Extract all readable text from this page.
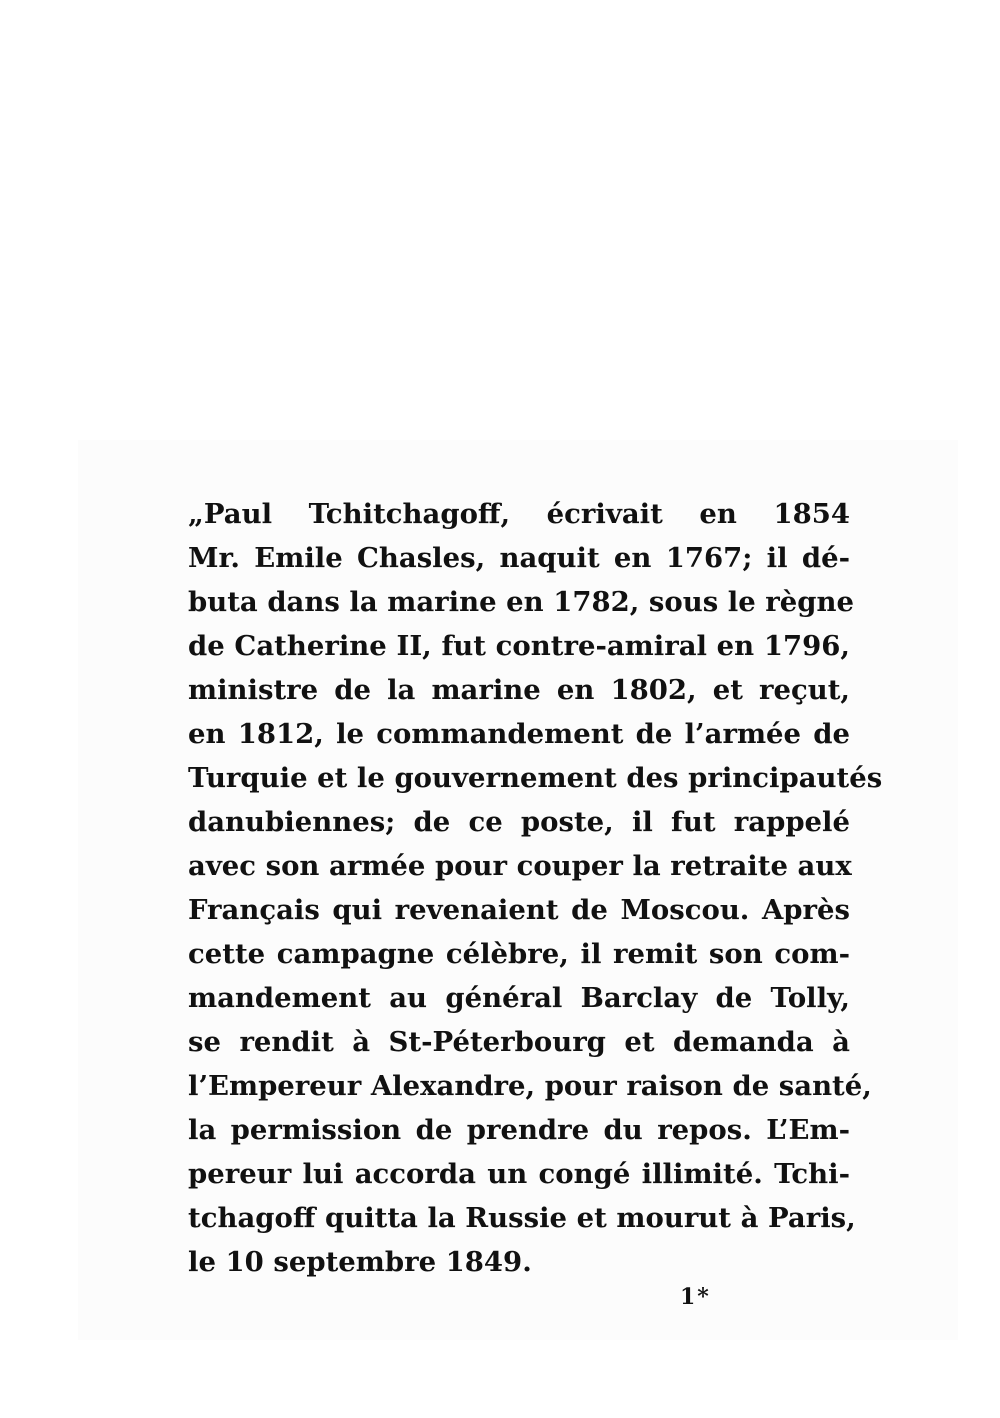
„Paul Tchitchagoff, écrivait en 1854
Mr. Emile Chasles, naquit en 1767; il dé-
buta dans la marine en 1782, sous le règne
de Catherine II, fut contre-amiral en 1796,
ministre de la marine en 1802, et reçut,
en 1812, le commandement de l’armée de
Turquie et le gouvernement des principautés
danubiennes; de ce poste, il fut rappelé
avec son armée pour couper la retraite aux
Français qui revenaient de Moscou. Après
cette campagne célèbre, il remit son com-
mandement au général Barclay de Tolly,
se rendit à St-Péterbourg et demanda à
l’Empereur Alexandre, pour raison de santé,
la permission de prendre du repos. L’Em-
pereur lui accorda un congé illimité. Tchi-
tchagoff quitta la Russie et mourut à Paris,
le 10 septembre 1849.
1*
